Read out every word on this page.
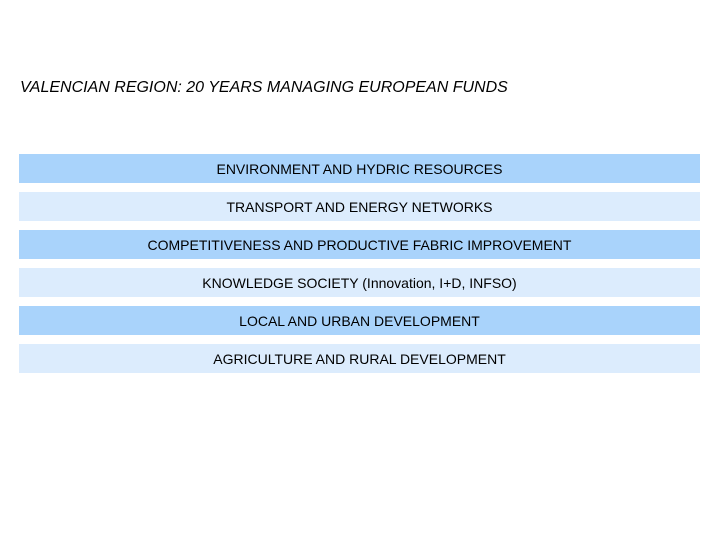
VALENCIAN REGION: 20 YEARS MANAGING EUROPEAN FUNDS
ENVIRONMENT AND HYDRIC RESOURCES
TRANSPORT AND ENERGY NETWORKS
COMPETITIVENESS AND PRODUCTIVE FABRIC IMPROVEMENT
KNOWLEDGE SOCIETY (Innovation, I+D, INFSO)
LOCAL AND URBAN DEVELOPMENT
AGRICULTURE AND RURAL DEVELOPMENT
